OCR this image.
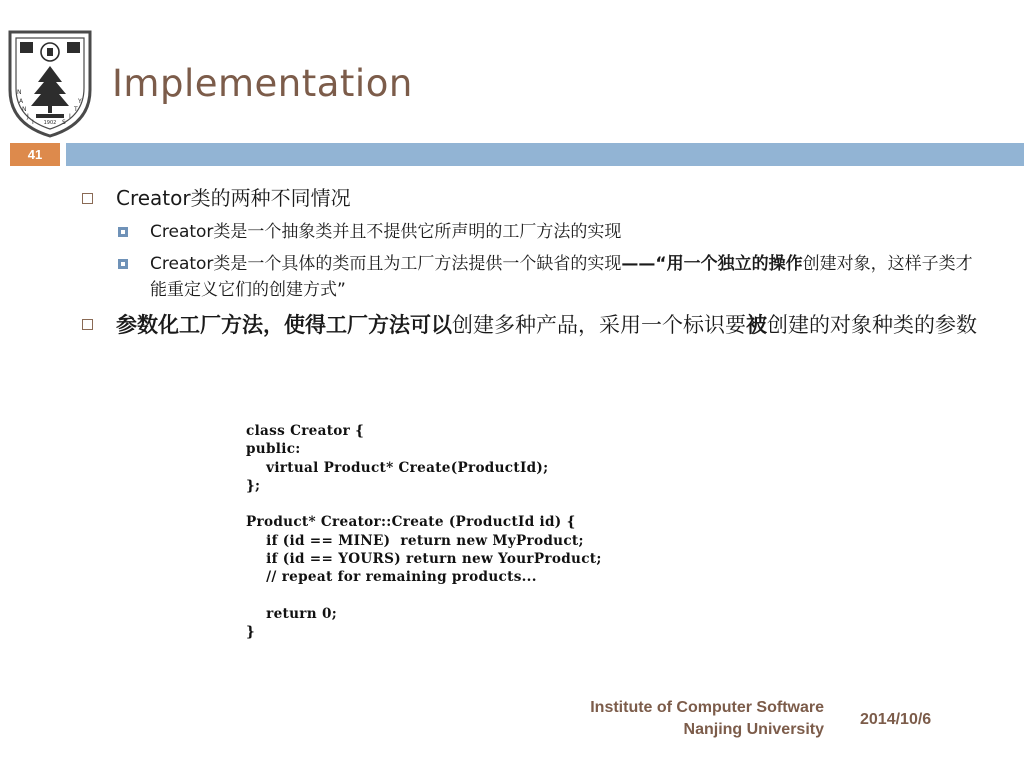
1902
N
A
N
J
I	S
I
T
Y Implementation
41
Creator类的两种不同情况
Creator类是一个抽象类并且不提供它所声明的工厂方法的实现
Creator类是一个具体的类而且为工厂方法提供一个缺省的实现——“用一个独立的操作创建对象，这样子类才能重定义它们的创建方式”
参数化工厂方法，使得工厂方法可以创建多种产品，采用一个标识要被创建的对象种类的参数
class Creator {
public:
virtual Product* Create(ProductId);
};

Product* Creator::Create (ProductId id) {
if (id == MINE)  return new MyProduct;
if (id == YOURS) return new YourProduct;
// repeat for remaining products...

return 0;
}
Institute of Computer Software
Nanjing University
2014/10/6
